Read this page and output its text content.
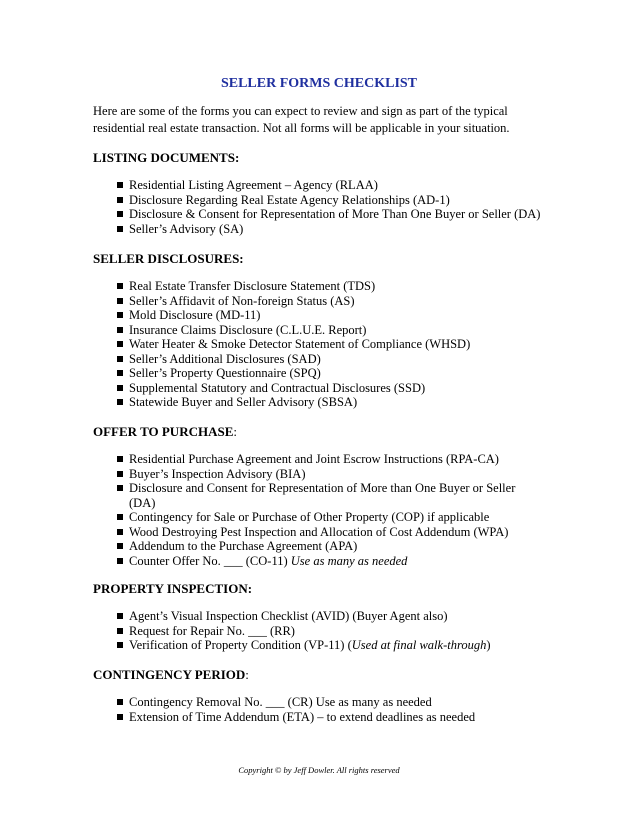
SELLER FORMS CHECKLIST
Here are some of the forms you can expect to review and sign as part of the typical
residential real estate transaction. Not all forms will be applicable in your situation.
LISTING DOCUMENTS:
Residential Listing Agreement – Agency (RLAA)
Disclosure Regarding Real Estate Agency Relationships (AD-1)
Disclosure & Consent for Representation of More Than One Buyer or Seller (DA)
Seller’s Advisory (SA)
SELLER DISCLOSURES:
Real Estate Transfer Disclosure Statement (TDS)
Seller’s Affidavit of Non-foreign Status (AS)
Mold Disclosure (MD-11)
Insurance Claims Disclosure (C.L.U.E. Report)
Water Heater & Smoke Detector Statement of Compliance (WHSD)
Seller’s Additional Disclosures (SAD)
Seller’s Property Questionnaire (SPQ)
Supplemental Statutory and Contractual Disclosures (SSD)
Statewide Buyer and Seller Advisory (SBSA)
OFFER TO PURCHASE:
Residential Purchase Agreement and Joint Escrow Instructions (RPA-CA)
Buyer’s Inspection Advisory (BIA)
Disclosure and Consent for Representation of More than One Buyer or Seller
(DA)
Contingency for Sale or Purchase of Other Property (COP) if applicable
Wood Destroying Pest Inspection and Allocation of Cost Addendum (WPA)
Addendum to the Purchase Agreement (APA)
Counter Offer No. ___ (CO-11) Use as many as needed
PROPERTY INSPECTION:
Agent’s Visual Inspection Checklist (AVID) (Buyer Agent also)
Request for Repair No. ___ (RR)
Verification of Property Condition (VP-11) (Used at final walk-through)
CONTINGENCY PERIOD:
Contingency Removal No. ___ (CR) Use as many as needed
Extension of Time Addendum (ETA) – to extend deadlines as needed
Copyright © by Jeff Dowler. All rights reserved
